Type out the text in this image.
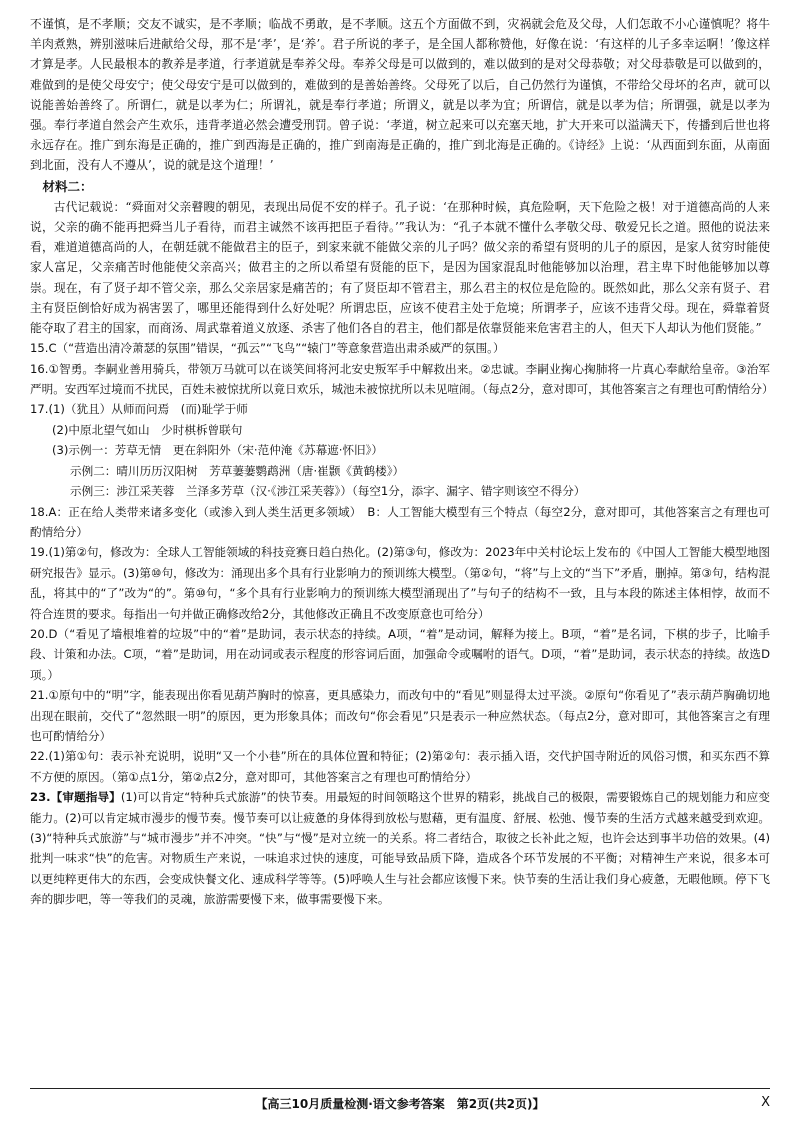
不谨慎，是不孝顺；交友不诚实，是不孝顺；临战不勇敢，是不孝顺。这五个方面做不到，灾祸就会危及父母，人们怎敢不小心谨慎呢？将牛羊肉煮熟，辨别滋味后进献给父母，那不是‘孝’，是‘养’。君子所说的孝子，是全国人都称赞他，好像在说：‘有这样的儿子多幸运啊！’像这样才算是孝。人民最根本的教养是孝道，行孝道就是奉养父母。奉养父母是可以做到的，难以做到的是对父母恭敬；对父母恭敬是可以做到的，难做到的是使父母安宁；使父母安宁是可以做到的，难做到的是善始善终。父母死了以后，自己仍然行为谨慎，不带给父母坏的名声，就可以说能善始善终了。所谓仁，就是以孝为仁；所谓礼，就是奉行孝道；所谓义，就是以孝为宜；所谓信，就是以孝为信；所谓强，就是以孝为强。奉行孝道自然会产生欢乐，违背孝道必然会遭受刑罚。曾子说：‘孝道，树立起来可以充塞天地，扩大开来可以溢满天下，传播到后世也将永远存在。推广到东海是正确的，推广到西海是正确的，推广到南海是正确的，推广到北海是正确的。《诗经》上说：‘从西面到东面，从南面到北面，没有人不遵从’，说的就是这个道理！’

材料二：

古代记载说：“舜面对父亲瞽瞍的朝见，表现出局促不安的样子。孔子说：‘在那种时候，真危险啊，天下危险之极！对于道德高尚的人来说，父亲的确不能再把舜当儿子看待，而君主诚然不该再把臣子看待。’”我认为：“孔子本就不懂什么孝敬父母、敬爱兄长之道。照他的说法来看，难道道德高尚的人，在朝廷就不能做君主的臣子，到家来就不能做父亲的儿子吗？做父亲的希望有贤明的儿子的原因，是家人贫穷时能使家人富足，父亲痛苦时他能使父亲高兴；做君主的之所以希望有贤能的臣下，是因为国家混乱时他能够加以治理，君主卑下时他能够加以尊崇。现在，有了贤子却不管父亲，那么父亲居家是痛苦的；有了贤臣却不管君主，那么君主的权位是危险的。既然如此，那么父亲有贤子、君主有贤臣倒恰好成为祸害罢了，哪里还能得到什么好处呢？所谓忠臣，应该不使君主处于危境；所谓孝子，应该不违背父母。现在，舜靠着贤能夺取了君主的国家，而商汤、周武靠着道义放逐、杀害了他们各自的君主，他们都是依靠贤能来危害君主的人，但天下人却认为他们贤能。”

15.C（“营造出清冷萧瑟的氛围”错误，“孤云”“飞鸟”“辕门”等意象营造出肃杀威严的氛围。）

16.①智勇。李嗣业善用骑兵，带领万马就可以在谈笑间将河北安史叛军手中解救出来。②忠诚。李嗣业掬心掬肺将一片真心奉献给皇帝。③治军严明。安西军过境而不扰民，百姓未被惊扰所以竟日欢乐，城池未被惊扰所以未见喧闹。（每点2分，意对即可，其他答案言之有理也可酌情给分）

17.(1)（犹且）从师而问焉　(而)耻学于师

(2)中原北望气如山　少时棋柝曾联句

(3)示例一：芳草无情　更在斜阳外（宋·范仲淹《苏幕遮·怀旧》）

示例二：晴川历历汉阳树　芳草萋萋鹦鹉洲（唐·崔颢《黄鹤楼》）

示例三：涉江采芙蓉　兰泽多芳草（汉·《涉江采芙蓉》）（每空1分，添字、漏字、错字则该空不得分）

18.A：正在给人类带来诸多变化（或渗入到人类生活更多领域）　B：人工智能大模型有三个特点（每空2分，意对即可，其他答案言之有理也可酌情给分）

19.(1)第②句，修改为：全球人工智能领域的科技竞赛日趋白热化。(2)第③句，修改为：2023年中关村论坛上发布的《中国人工智能大模型地图研究报告》显示。(3)第⑩句，修改为：涌现出多个具有行业影响力的预训练大模型。（第②句，“将”与上文的“当下”矛盾，删掉。第③句，结构混乱，将其中的“了”改为“的”。第⑩句，“多个具有行业影响力的预训练大模型涌现出了”与句子的结构不一致，且与本段的陈述主体相悖，故而不符合连贯的要求。每指出一句并做正确修改给2分，其他修改正确且不改变原意也可给分）

20.D（“看见了墙根堆着的垃圾”中的“着”是助词，表示状态的持续。A项，“着”是动词，解释为接上。B项，“着”是名词，下棋的步子，比喻手段、计策和办法。C项，“着”是助词，用在动词或表示程度的形容词后面，加强命令或嘱咐的语气。D项，“着”是助词，表示状态的持续。故选D项。）

21.①原句中的“明”字，能表现出你看见葫芦胸时的惊喜，更具感染力，而改句中的“看见”则显得太过平淡。②原句“你看见了”表示葫芦胸确切地出现在眼前，交代了“忽然眼一明”的原因，更为形象具体；而改句“你会看见”只是表示一种应然状态。（每点2分，意对即可，其他答案言之有理也可酌情给分）

22.(1)第①句：表示补充说明，说明“又一个小巷”所在的具体位置和特征；(2)第②句：表示插入语，交代护国寺附近的风俗习惯，和买东西不算不方便的原因。（第①点1分，第②点2分，意对即可，其他答案言之有理也可酌情给分）

23.【审题指导】(1)可以肯定“特种兵式旅游”的快节奏。用最短的时间领略这个世界的精彩，挑战自己的极限，需要锻炼自己的规划能力和应变能力。(2)可以肯定城市漫步的慢节奏。慢节奏可以让疲惫的身体得到放松与慰藉，更有温度、舒展、松弛、慢节奏的生活方式越来越受到欢迎。(3)“特种兵式旅游”与“城市漫步”并不冲突。“快”与“慢”是对立统一的关系。将二者结合，取彼之长补此之短，也许会达到事半功倍的效果。(4)批判一味求“快”的危害。对物质生产来说，一味追求过快的速度，可能导致品质下降，造成各个环节发展的不平衡；对精神生产来说，很多本可以更纯粹更伟大的东西，会变成快餐文化、速成科学等等。(5)呼唤人生与社会都应该慢下来。快节奏的生活让我们身心疲惫，无暇他顾。停下飞奔的脚步吧，等一等我们的灵魂，旅游需要慢下来，做事需要慢下来。

【高三10月质量检测·语文参考答案　第2页(共2页)】	X
